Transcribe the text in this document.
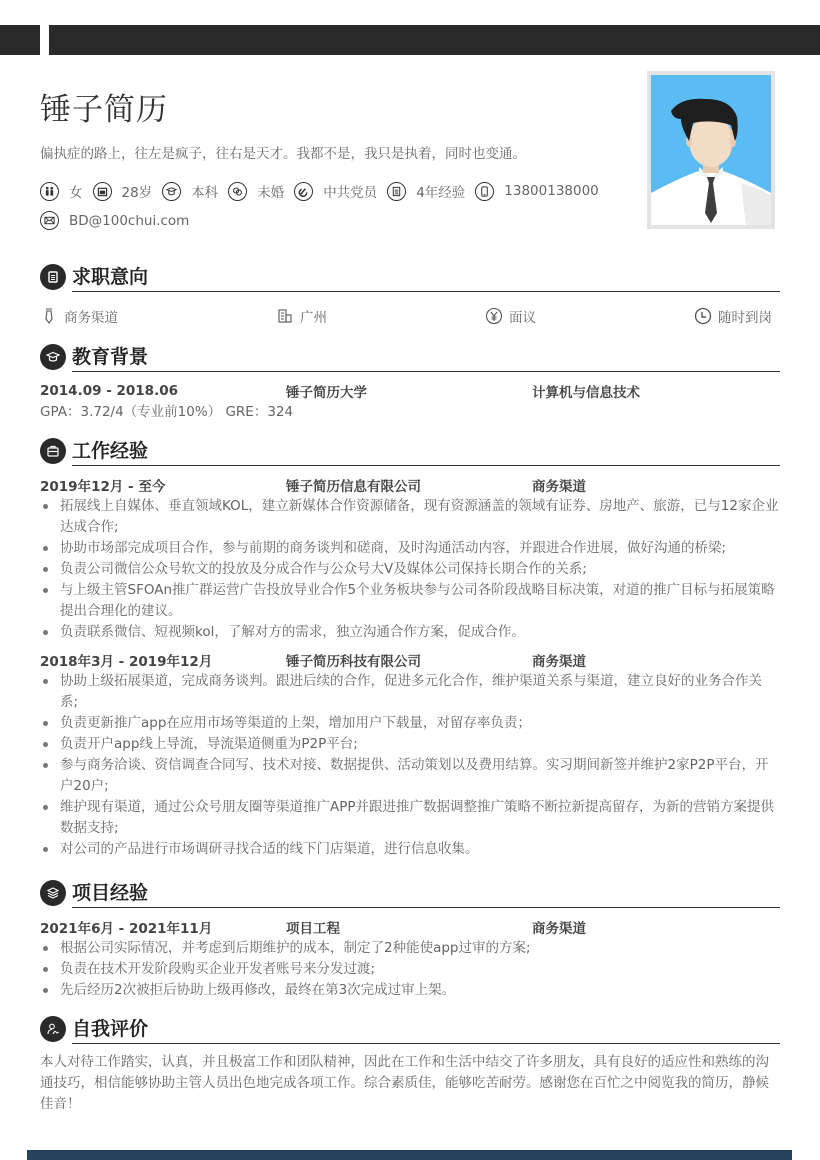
锤子简历
偏执症的路上，往左是疯子，往右是天才。我都不是，我只是执着，同时也变通。
女	28岁	本科	未婚	中共党员	4年经验	13800138000
BD@100chui.com
求职意向
商务渠道	广州	面议	随时到岗
教育背景
2014.09 - 2018.06	锤子简历大学	计算机与信息技术
GPA：3.72/4（专业前10%） GRE：324
工作经验
2019年12月 - 至今	锤子简历信息有限公司	商务渠道
拓展线上自媒体、垂直领域KOL，建立新媒体合作资源储备，现有资源涵盖的领域有证券、房地产、旅游，已与12家企业达成合作;
协助市场部完成项目合作，参与前期的商务谈判和磋商，及时沟通活动内容，并跟进合作进展，做好沟通的桥梁;
负责公司微信公众号软文的投放及分成合作与公众号大V及媒体公司保持长期合作的关系;
与上级主管SFOAn推广群运营广告投放导业合作5个业务板块参与公司各阶段战略目标决策，对道的推广目标与拓展策略提出合理化的建议。
负责联系微信、短视频kol，了解对方的需求，独立沟通合作方案，促成合作。
2018年3月 - 2019年12月	锤子简历科技有限公司	商务渠道
协助上级拓展渠道，完成商务谈判。跟进后续的合作，促进多元化合作，维护渠道关系与渠道，建立良好的业务合作关系;
负责更新推广app在应用市场等渠道的上架，增加用户下载量，对留存率负责；
负责开户app线上导流，导流渠道侧重为P2P平台;
参与商务洽谈、资信调查合同写、技术对接、数据提供、活动策划以及费用结算。实习期间新签并维护2家P2P平台，开户20户;
维护现有渠道，通过公众号朋友圈等渠道推广APP并跟进推广数据调整推广策略不断拉新提高留存，为新的营销方案提供数据支持;
对公司的产品进行市场调研寻找合适的线下门店渠道，进行信息收集。
项目经验
2021年6月 - 2021年11月	项目工程	商务渠道
根据公司实际情况，并考虑到后期维护的成本，制定了2种能使app过审的方案;
负责在技术开发阶段购买企业开发者账号来分发过渡;
先后经历2次被拒后协助上级再修改，最终在第3次完成过审上架。
自我评价
本人对待工作踏实，认真，并且极富工作和团队精神，因此在工作和生活中结交了许多朋友，具有良好的适应性和熟练的沟通技巧，相信能够协助主管人员出色地完成各项工作。综合素质佳，能够吃苦耐劳。感谢您在百忙之中阅览我的简历，静候佳音！
